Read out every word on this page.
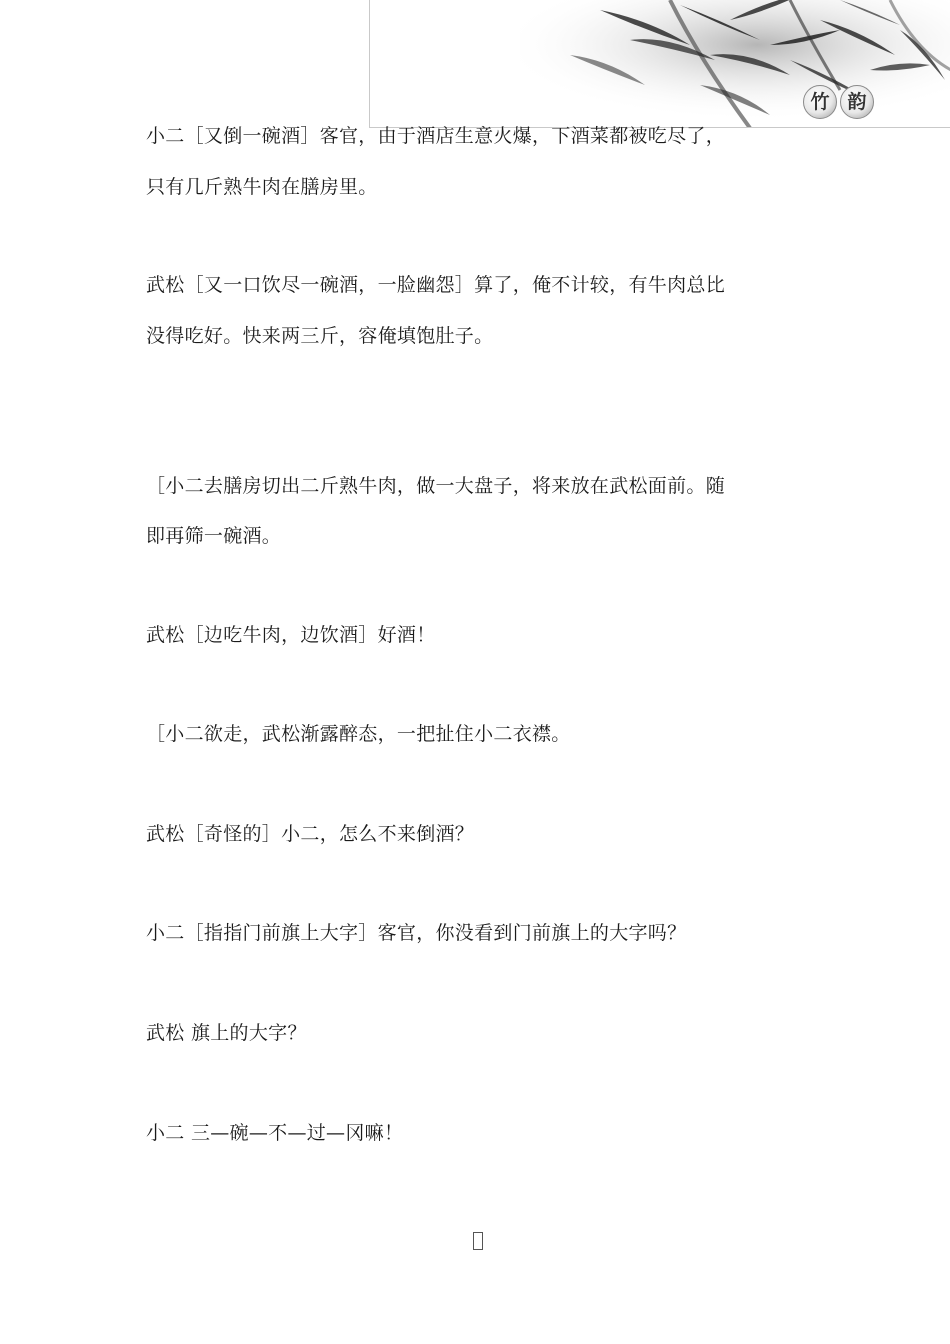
竹 韵
小二［又倒一碗酒］客官，由于酒店生意火爆，下酒菜都被吃尽了，
只有几斤熟牛肉在膳房里。
武松［又一口饮尽一碗酒，一脸幽怨］算了，俺不计较，有牛肉总比
没得吃好。快来两三斤，容俺填饱肚子。
［小二去膳房切出二斤熟牛肉，做一大盘子，将来放在武松面前。随
即再筛一碗酒。
武松［边吃牛肉，边饮酒］好酒！
［小二欲走，武松渐露醉态，一把扯住小二衣襟。
武松［奇怪的］小二，怎么不来倒酒？
小二［指指门前旗上大字］客官，你没看到门前旗上的大字吗？
武松 旗上的大字？
小二 三—碗—不—过—冈嘛！
